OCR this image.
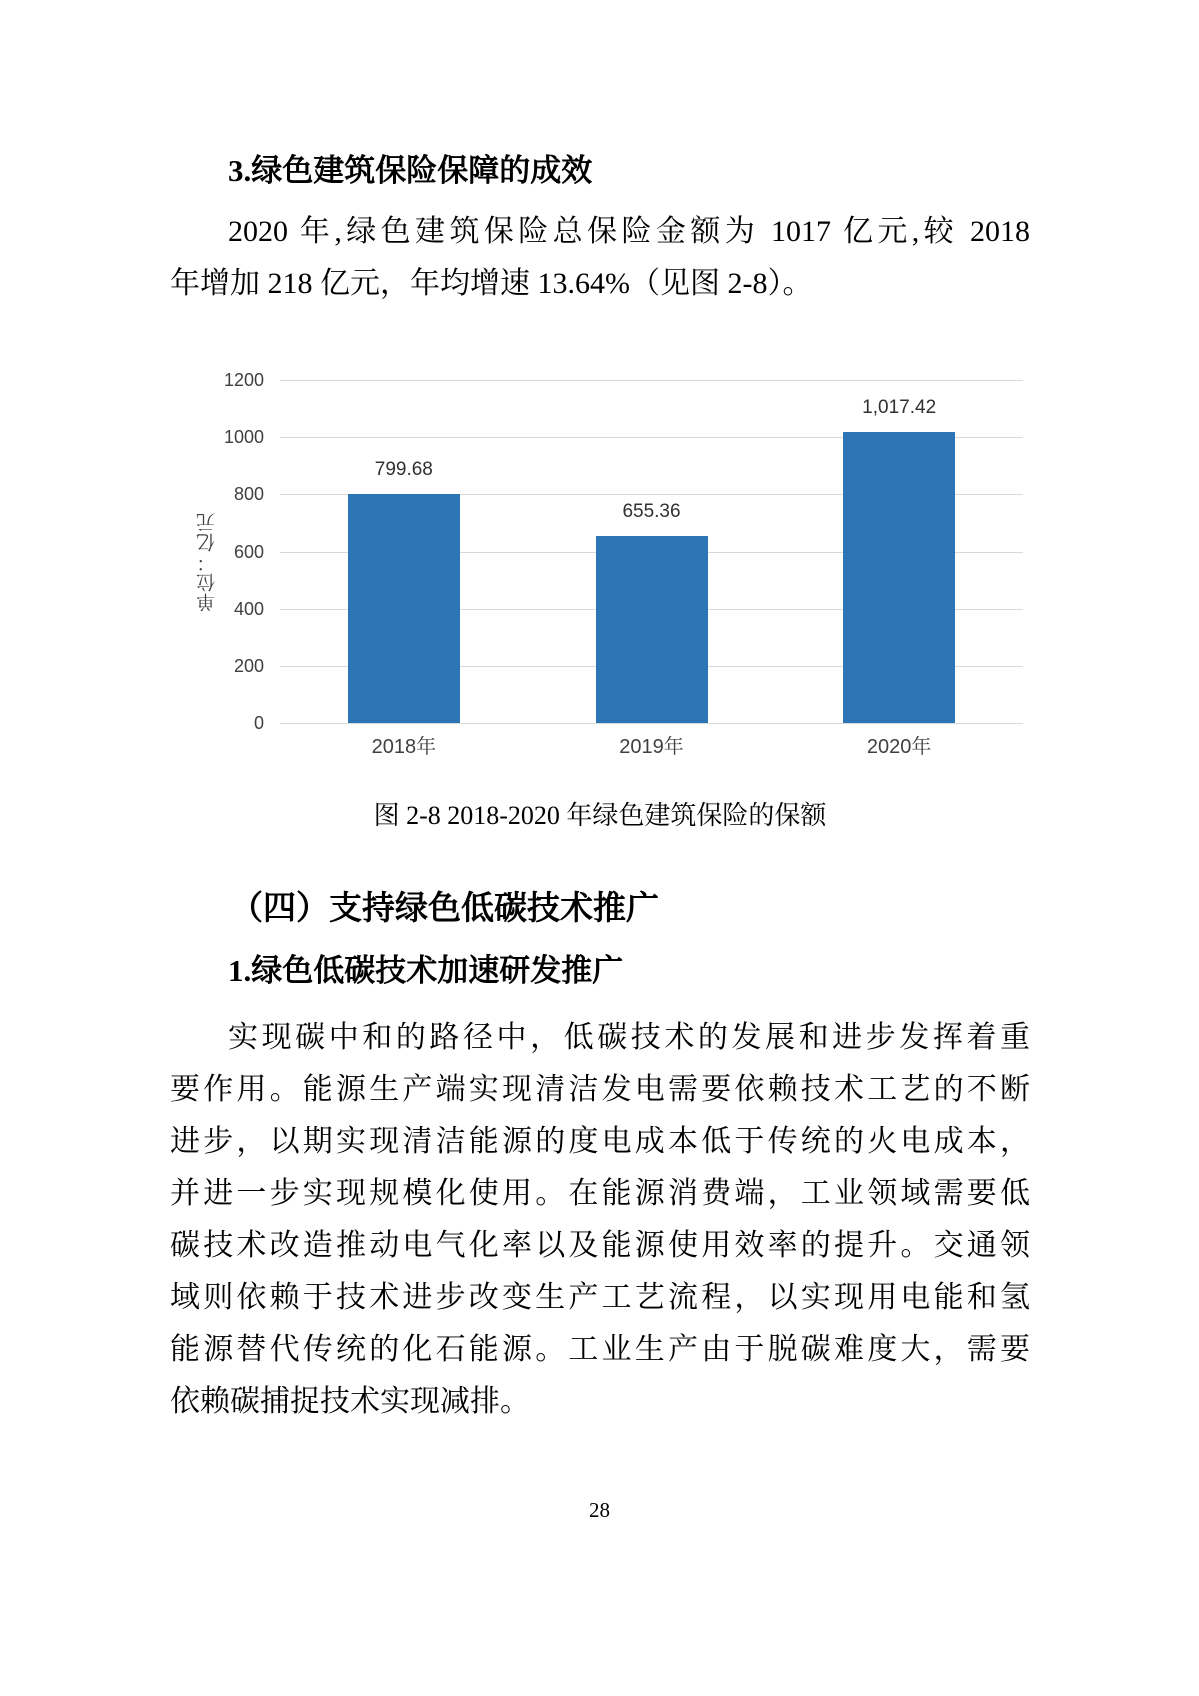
3.绿色建筑保险保障的成效
2020 年,绿色建筑保险总保险金额为 1017 亿元,较 2018
年增加 218 亿元，年均增速 13.64%（见图 2-8）。
单位：亿元
0
200
400
600
800
1000
1200
799.68
2018年
655.36
2019年
1,017.42
2020年
图 2-8 2018-2020 年绿色建筑保险的保额
（四）支持绿色低碳技术推广
1.绿色低碳技术加速研发推广
实现碳中和的路径中，低碳技术的发展和进步发挥着重
要作用。能源生产端实现清洁发电需要依赖技术工艺的不断
进步，以期实现清洁能源的度电成本低于传统的火电成本，
并进一步实现规模化使用。在能源消费端，工业领域需要低
碳技术改造推动电气化率以及能源使用效率的提升。交通领
域则依赖于技术进步改变生产工艺流程，以实现用电能和氢
能源替代传统的化石能源。工业生产由于脱碳难度大，需要
依赖碳捕捉技术实现减排。
28
